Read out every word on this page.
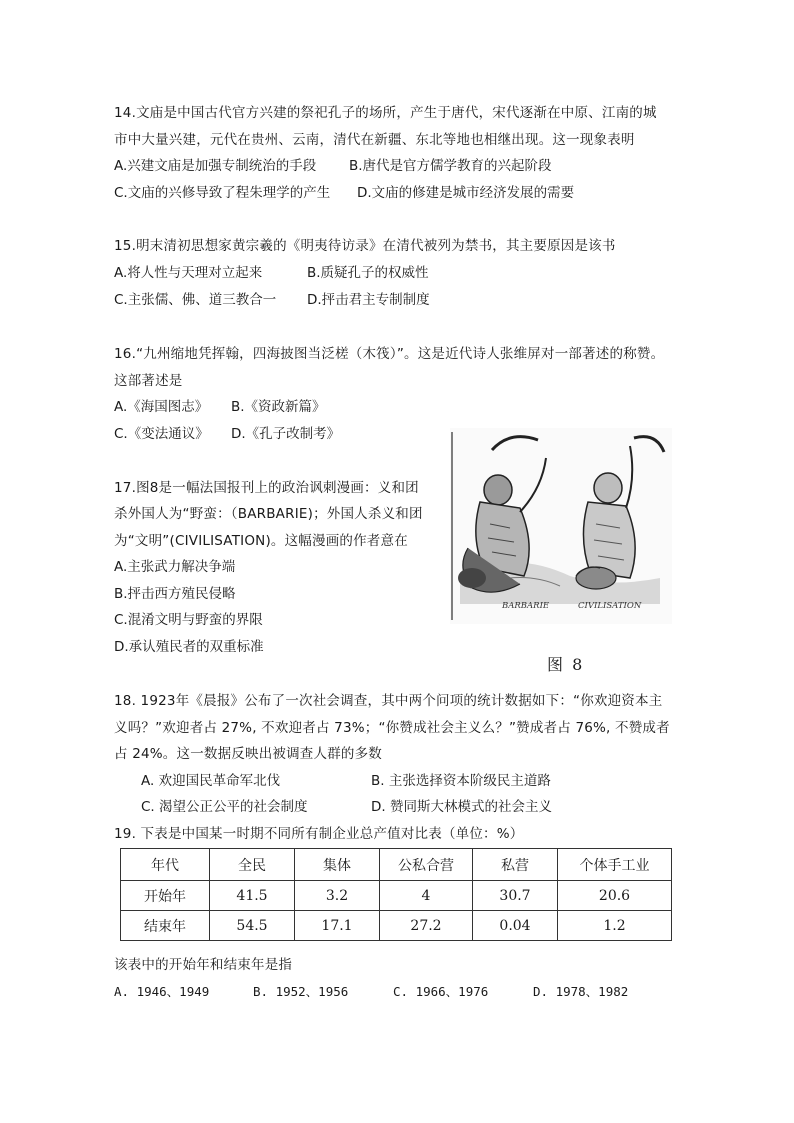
14.文庙是中国古代官方兴建的祭祀孔子的场所，产生于唐代，宋代逐渐在中原、江南的城
市中大量兴建，元代在贵州、云南，清代在新疆、东北等地也相继出现。这一现象表明
A.兴建文庙是加强专制统治的手段 B.唐代是官方儒学教育的兴起阶段
C.文庙的兴修导致了程朱理学的产生 D.文庙的修建是城市经济发展的需要
15.明末清初思想家黄宗羲的《明夷待访录》在清代被列为禁书，其主要原因是该书
A.将人性与天理对立起来	B.质疑孔子的权威性
C.主张儒、佛、道三教合一 D.抨击君主专制制度
16.“九州缩地凭挥翰，四海披图当泛槎（木筏）”。这是近代诗人张维屏对一部著述的称赞。
这部著述是
A.《海国图志》 B.《资政新篇》
C.《变法通议》 D.《孔子改制考》
17.图8是一幅法国报刊上的政治讽刺漫画：义和团
杀外国人为“野蛮：（BARBARIE)；外国人杀义和团
为“文明”(CIVILISATION)。这幅漫画的作者意在
A.主张武力解决争端
B.抨击西方殖民侵略
C.混淆文明与野蛮的界限
D.承认殖民者的双重标准
BARBARIE	CIVILISATION
图 8
18. 1923年《晨报》公布了一次社会调查，其中两个问项的统计数据如下：“你欢迎资本主
义吗？”欢迎者占 27%, 不欢迎者占 73%；“你赞成社会主义么？”赞成者占 76%, 不赞成者
占 24%。这一数据反映出被调查人群的多数
A. 欢迎国民革命军北伐	B. 主张选择资本阶级民主道路
C. 渴望公正公平的社会制度	D. 赞同斯大林模式的社会主义
19. 下表是中国某一时期不同所有制企业总产值对比表（单位：%）
年代	全民	集体	公私合营	私营	个体手工业
开始年	41.5	3.2	4	30.7	20.6
结束年	54.5	17.1	27.2	0.04	1.2
该表中的开始年和结束年是指
A. 1946、1949	B. 1952、1956	C. 1966、1976	D. 1978、1982
